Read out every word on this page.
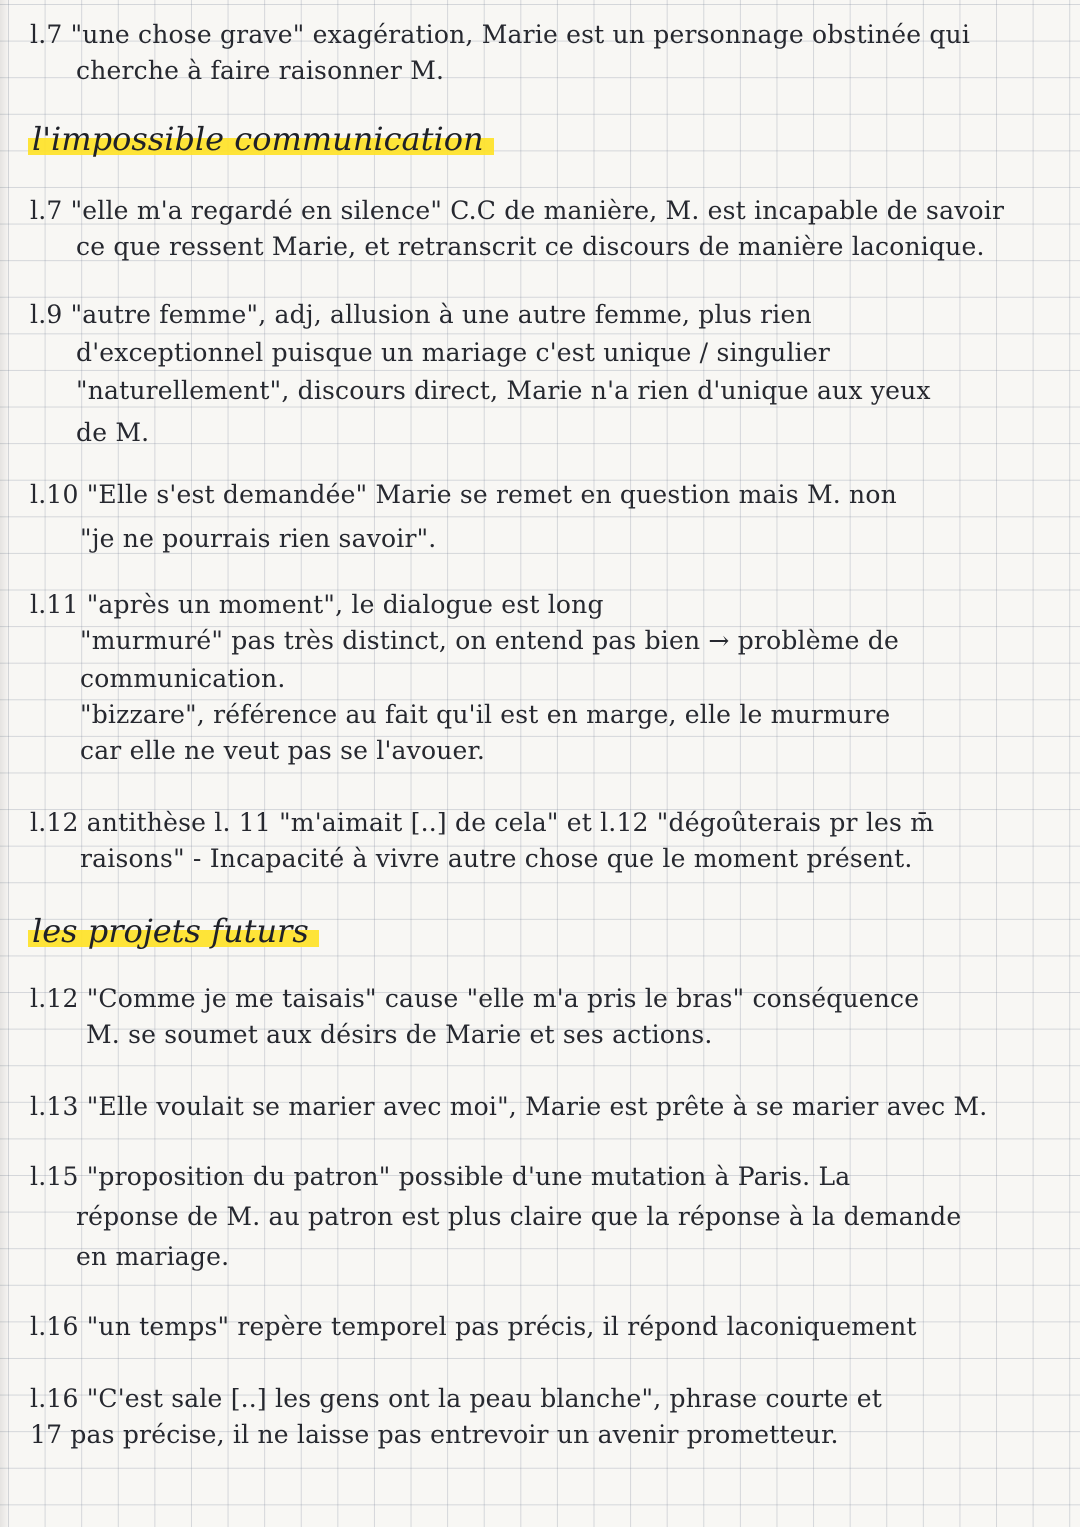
l.7 "une chose grave" exagération, Marie est un personnage obstinée qui
cherche à faire raisonner M.
l'impossible communication
l.7 "elle m'a regardé en silence" C.C de manière, M. est incapable de savoir
ce que ressent Marie, et retranscrit ce discours de manière laconique.
l.9 "autre femme", adj, allusion à une autre femme, plus rien
d'exceptionnel puisque un mariage c'est unique / singulier
"naturellement", discours direct, Marie n'a rien d'unique aux yeux
de M.
l.10 "Elle s'est demandée" Marie se remet en question mais M. non
"je ne pourrais rien savoir".
l.11 "après un moment", le dialogue est long
"murmuré" pas très distinct, on entend pas bien → problème de
communication.
"bizzare", référence au fait qu'il est en marge, elle le murmure
car elle ne veut pas se l'avouer.
l.12 antithèse l. 11 "m'aimait [..] de cela" et l.12 "dégoûterais pr les m̄
raisons" - Incapacité à vivre autre chose que le moment présent.
les projets futurs
l.12 "Comme je me taisais" cause "elle m'a pris le bras" conséquence
M. se soumet aux désirs de Marie et ses actions.
l.13 "Elle voulait se marier avec moi", Marie est prête à se marier avec M.
l.15 "proposition du patron" possible d'une mutation à Paris. La
réponse de M. au patron est plus claire que la réponse à la demande
en mariage.
l.16 "un temps" repère temporel pas précis, il répond laconiquement
l.16 "C'est sale [..] les gens ont la peau blanche", phrase courte et
17 pas précise, il ne laisse pas entrevoir un avenir prometteur.
